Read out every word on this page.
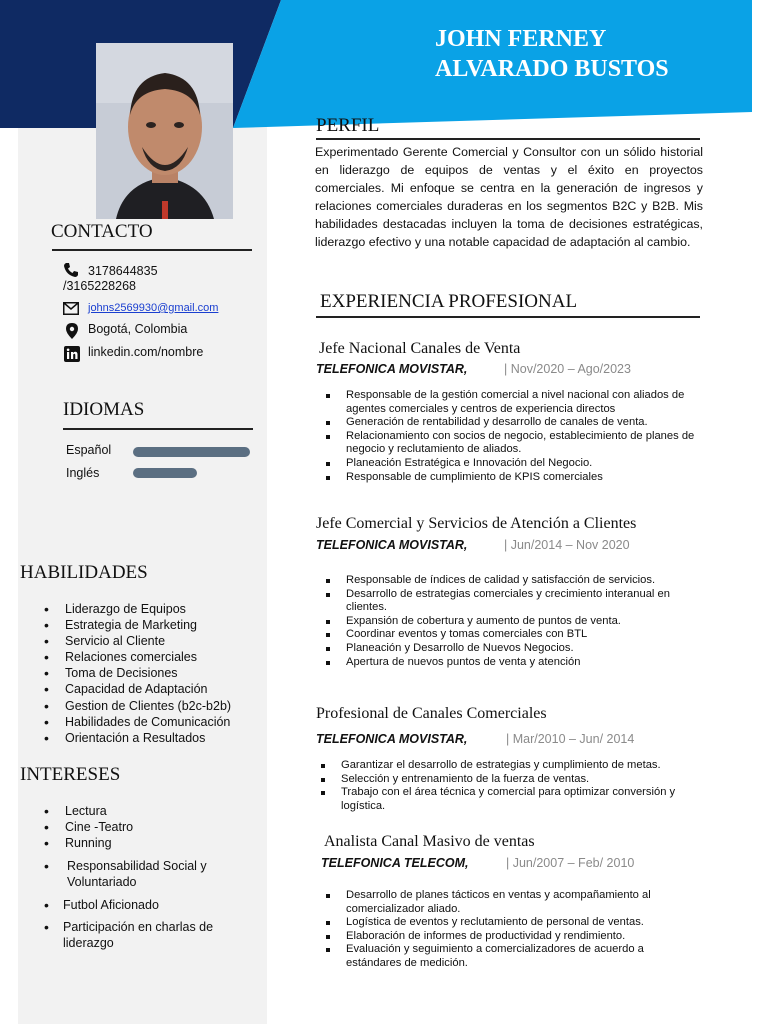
JOHN FERNEY
ALVARADO BUSTOS
CONTACTO
3178644835
/3165228268
johns2569930@gmail.com
Bogotá, Colombia
linkedin.com/nombre
IDIOMAS
Español
Inglés
HABILIDADES
• Liderazgo de Equipos
• Estrategia de Marketing
• Servicio al Cliente
• Relaciones comerciales
• Toma de Decisiones
• Capacidad de Adaptación
• Gestion de Clientes (b2c-b2b)
• Habilidades de Comunicación
• Orientación a Resultados
INTERESES
• Lectura
• Cine -Teatro
• Running
• Responsabilidad Social y Voluntariado
• Futbol Aficionado
• Participación en charlas de liderazgo
PERFIL
Experimentado Gerente Comercial y Consultor con un sólido historial en liderazgo de equipos de ventas y el éxito en proyectos comerciales. Mi enfoque se centra en la generación de ingresos y relaciones comerciales duraderas en los segmentos B2C y B2B. Mis habilidades destacadas incluyen la toma de decisiones estratégicas, liderazgo efectivo y una notable capacidad de adaptación al cambio.
EXPERIENCIA PROFESIONAL
Jefe Nacional Canales de Venta
TELEFONICA MOVISTAR,	| Nov/2020 – Ago/2023
Responsable de la gestión comercial a nivel nacional con aliados de agentes comerciales y centros de experiencia directos
Generación de rentabilidad y desarrollo de canales de venta.
Relacionamiento con socios de negocio, establecimiento de planes de negocio y reclutamiento de aliados.
Planeación Estratégica e Innovación del Negocio.
Responsable de cumplimiento de KPIS comerciales
Jefe Comercial y Servicios de Atención a Clientes
TELEFONICA MOVISTAR,	| Jun/2014 – Nov 2020
Responsable de índices de calidad y satisfacción de servicios.
Desarrollo de estrategias comerciales y crecimiento interanual en clientes.
Expansión de cobertura y aumento de puntos de venta.
Coordinar eventos y tomas comerciales con BTL
Planeación y Desarrollo de Nuevos Negocios.
Apertura de nuevos puntos de venta y atención
Profesional de Canales Comerciales
TELEFONICA MOVISTAR,	| Mar/2010 – Jun/ 2014
Garantizar el desarrollo de estrategias y cumplimiento de metas.
Selección y entrenamiento de la fuerza de ventas.
Trabajo con el área técnica y comercial para optimizar conversión y logística.
Analista Canal Masivo de ventas
TELEFONICA TELECOM,	| Jun/2007 – Feb/ 2010
Desarrollo de planes tácticos en ventas y acompañamiento al comercializador aliado.
Logística de eventos y reclutamiento de personal de ventas.
Elaboración de informes de productividad y rendimiento.
Evaluación y seguimiento a comercializadores de acuerdo a estándares de medición.
